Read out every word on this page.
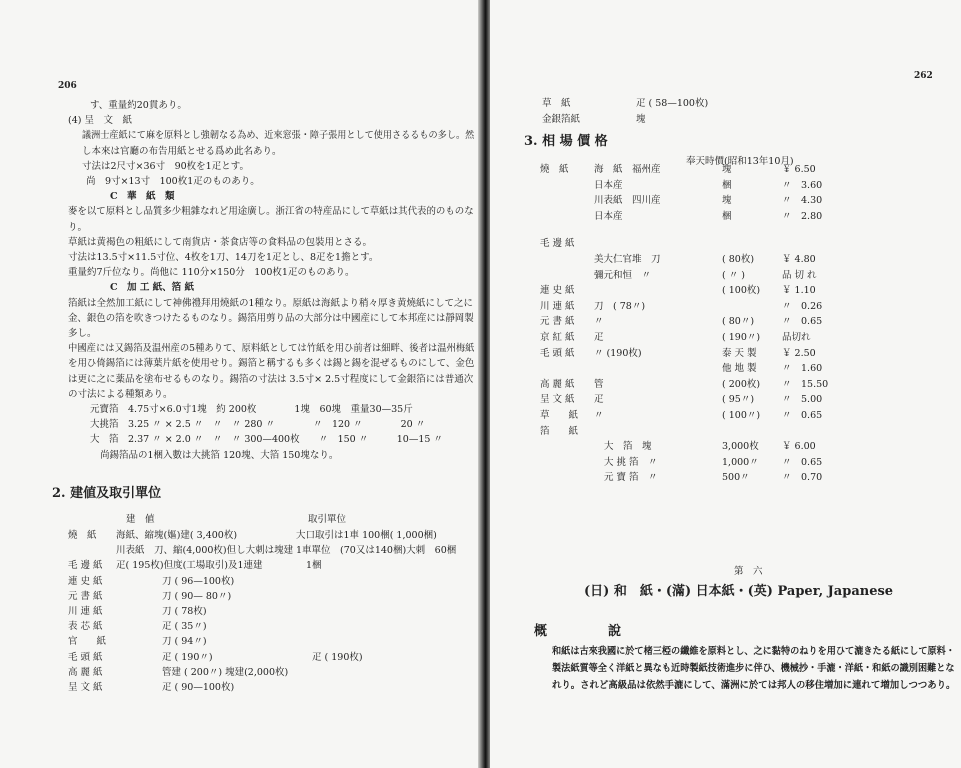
206
す、重量約20貫あり。
(4) 呈　文　紙
議洲士産紙にて麻を原料とし強韌なる為め、近來窓張・障子張用として使用さるるもの多し。然
し本來は官廳の布告用紙とせる爲め此名あり。
寸法は2尺寸×36寸　90枚を1疋とす。
尚　9寸×13寸　100枚1疋のものあり。
C　華　紙　類
麥を以て原料とし品質多少粗雜なれど用途廣し。浙江省の特産品にして草紙は其代表的のものな
り。
草紙は黄褐色の粗紙にして南貨店・茶食店等の食料品の包裝用とさる。
寸法は13.5寸×11.5寸位、4枚を1刀、14刀を1疋とし、8疋を1擔とす。
重量約7斤位なり。尚他に 110分×150分　100枚1疋のものあり。
C　加 工 紙、箔 紙
箔紙は全然加工紙にして神佛禮拜用燒紙の1種なり。原紙は海紙より稍々厚き黄燒紙にして之に
金、銀色の箔を吹きつけたるものなり。錫箔用剪り品の大部分は中國産にして本邦産には靜岡製
多し。
中國産には又錫箔及温州産の5種ありて、原料紙としては竹紙を用ひ前者は細畔、後者は温州梅紙
を用ひ倚錫箔には薄葉片紙を使用せり。錫箔と稱するも多くは錫と錫を混ぜるものにして、金色
は更に之に薬品を塗布せるものなり。錫箔の寸法は 3.5寸× 2.5寸程度にして金銀箔には普通次
の寸法による種類あり。
元寶箔　4.75寸×6.0寸1塊　約 200枚　　　　1塊　60塊　重量30—35斤
大挑箔　3.25 〃 × 2.5 〃　〃　〃 280 〃　　　　〃　120 〃　　　　20 〃
大　箔　2.37 〃 × 2.0 〃　〃　〃 300—400枚　　〃　150 〃　　　10—15 〃
尚錫箔品の1梱入數は大挑箔 120塊、大箔 150塊なり。
2. 建値及取引單位
建　値	取引單位
燒　紙 海紙、縮塊(嫗)建( 3,400枚)	大口取引は1車 100梱( 1,000梱)
川表紙　刀、縮(4,000枚)但し大刺は塊建 1車單位　(70又は140梱)大刺　60梱
毛 邊 紙 疋( 195枚)但度(工場取引)及1連建	1梱
連 史 紙	刀 ( 96—100枚)
元 書 紙	刀 ( 90— 80〃)
川 連 紙	刀 ( 78枚)
表 芯 紙	疋 ( 35〃)
官　　紙	刀 ( 94〃)
毛 頭 紙	疋 ( 190〃)	疋 ( 190枚)
高 麗 紙	管建 ( 200〃) 塊建(2,000枚)
呈 文 紙	疋 ( 90—100枚)
262
草　紙	疋 ( 58—100枚)
金銀箔紙	塊
3. 相 場 價 格
奉天時價(昭和13年10月)
燒　紙	海　紙　福州産	塊	￥ 6.50
日本産	梱	〃　3.60
川表紙　四川産	塊	〃　4.30
日本産	梱	〃　2.80
毛 邊 紙
美大仁官堆　刀	( 80枚)	￥ 4.80
彌元和恒　〃	( 〃 )	品 切 れ
連 史 紙	( 100枚) ￥ 1.10
川 連 紙 刀　( 78〃)	〃　0.26
元 書 紙 〃	( 80〃)	〃　0.65
京 紅 紙 疋	( 190〃) 品切れ
毛 頭 紙 〃 (190枚)	泰 天 製	￥ 2.50
他 地 製	〃　1.60
高 麗 紙 管	( 200枚) 〃　15.50
呈 文 紙 疋	( 95〃)	〃　5.00
草　　紙 〃	( 100〃) 〃　0.65
箔　　紙
大　箔　塊	3,000枚 ￥ 6.00
大 挑 箔　〃	1,000〃 〃　0.65
元 寶 箔　〃	500〃	〃　0.70
第　六
(日) 和　紙・(滿) 日本紙・(英) Paper, Japanese
概	說
和紙は古來我國に於て楮三椏の纖維を原料とし、之に黏特のねりを用ひて漉きたる紙にして原料・
製法紙質等全く洋紙と異なも近時製紙技術進步に伴ひ、機械抄・手漉・洋紙・和紙の識別困難とな
れり。されど高級品は依然手漉にして、滿洲に於ては邦人の移住増加に連れて増加しつつあり。
